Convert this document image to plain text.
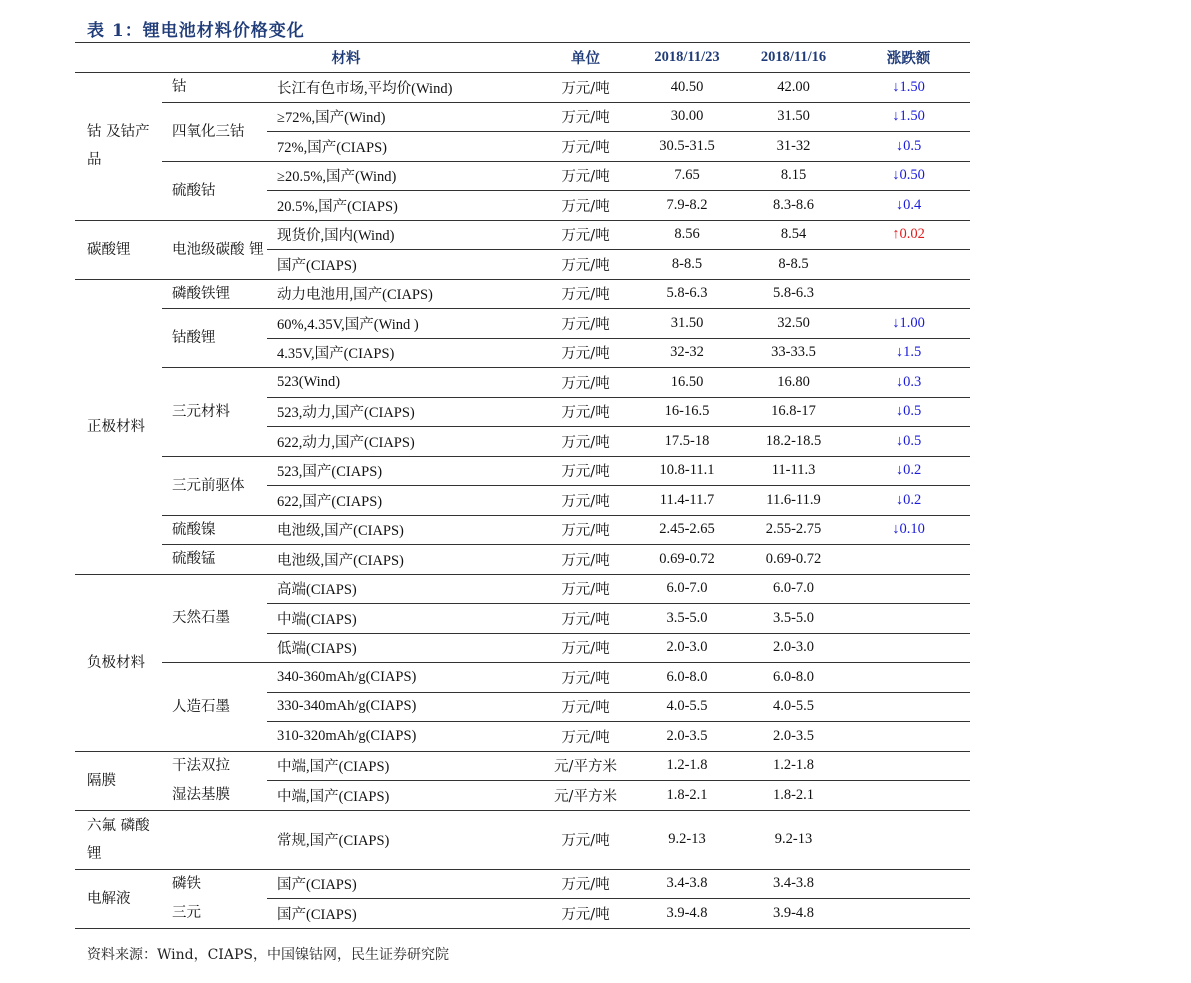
表 1：锂电池材料价格变化
材料			单位	2018/11/23	2018/11/16	涨跌额
钴 及钴产品	钴	长江有色市场,平均价(Wind)	万元/吨	40.50	42.00	↓1.50
	四氧化三钴	≥72%,国产(Wind)	万元/吨	30.00	31.50	↓1.50
		72%,国产(CIAPS)	万元/吨	30.5-31.5	31-32	↓0.5
	硫酸钴	≥20.5%,国产(Wind)	万元/吨	7.65	8.15	↓0.50
		20.5%,国产(CIAPS)	万元/吨	7.9-8.2	8.3-8.6	↓0.4
碳酸锂	电池级碳酸 锂	现货价,国内(Wind)	万元/吨	8.56	8.54	↑0.02
		国产(CIAPS)	万元/吨	8-8.5	8-8.5	
正极材料	磷酸铁锂	动力电池用,国产(CIAPS)	万元/吨	5.8-6.3	5.8-6.3	
	钴酸锂	60%,4.35V,国产(Wind )	万元/吨	31.50	32.50	↓1.00
		4.35V,国产(CIAPS)	万元/吨	32-32	33-33.5	↓1.5
	三元材料	523(Wind)	万元/吨	16.50	16.80	↓0.3
		523,动力,国产(CIAPS)	万元/吨	16-16.5	16.8-17	↓0.5
		622,动力,国产(CIAPS)	万元/吨	17.5-18	18.2-18.5	↓0.5
	三元前驱体	523,国产(CIAPS)	万元/吨	10.8-11.1	11-11.3	↓0.2
		622,国产(CIAPS)	万元/吨	11.4-11.7	11.6-11.9	↓0.2
	硫酸镍	电池级,国产(CIAPS)	万元/吨	2.45-2.65	2.55-2.75	↓0.10
	硫酸锰	电池级,国产(CIAPS)	万元/吨	0.69-0.72	0.69-0.72	
负极材料	天然石墨	高端(CIAPS)	万元/吨	6.0-7.0	6.0-7.0	
		中端(CIAPS)	万元/吨	3.5-5.0	3.5-5.0	
		低端(CIAPS)	万元/吨	2.0-3.0	2.0-3.0	
	人造石墨	340-360mAh/g(CIAPS)	万元/吨	6.0-8.0	6.0-8.0	
		330-340mAh/g(CIAPS)	万元/吨	4.0-5.5	4.0-5.5	
		310-320mAh/g(CIAPS)	万元/吨	2.0-3.5	2.0-3.5	
隔膜	干法双拉	中端,国产(CIAPS)	元/平方米	1.2-1.8	1.2-1.8	
	湿法基膜	中端,国产(CIAPS)	元/平方米	1.8-2.1	1.8-2.1	
六氟 磷酸锂		常规,国产(CIAPS)	万元/吨	9.2-13	9.2-13	
电解液	磷铁	国产(CIAPS)	万元/吨	3.4-3.8	3.4-3.8	
	三元	国产(CIAPS)	万元/吨	3.9-4.8	3.9-4.8	
资料来源：Wind，CIAPS，中国镍钴网，民生证券研究院
